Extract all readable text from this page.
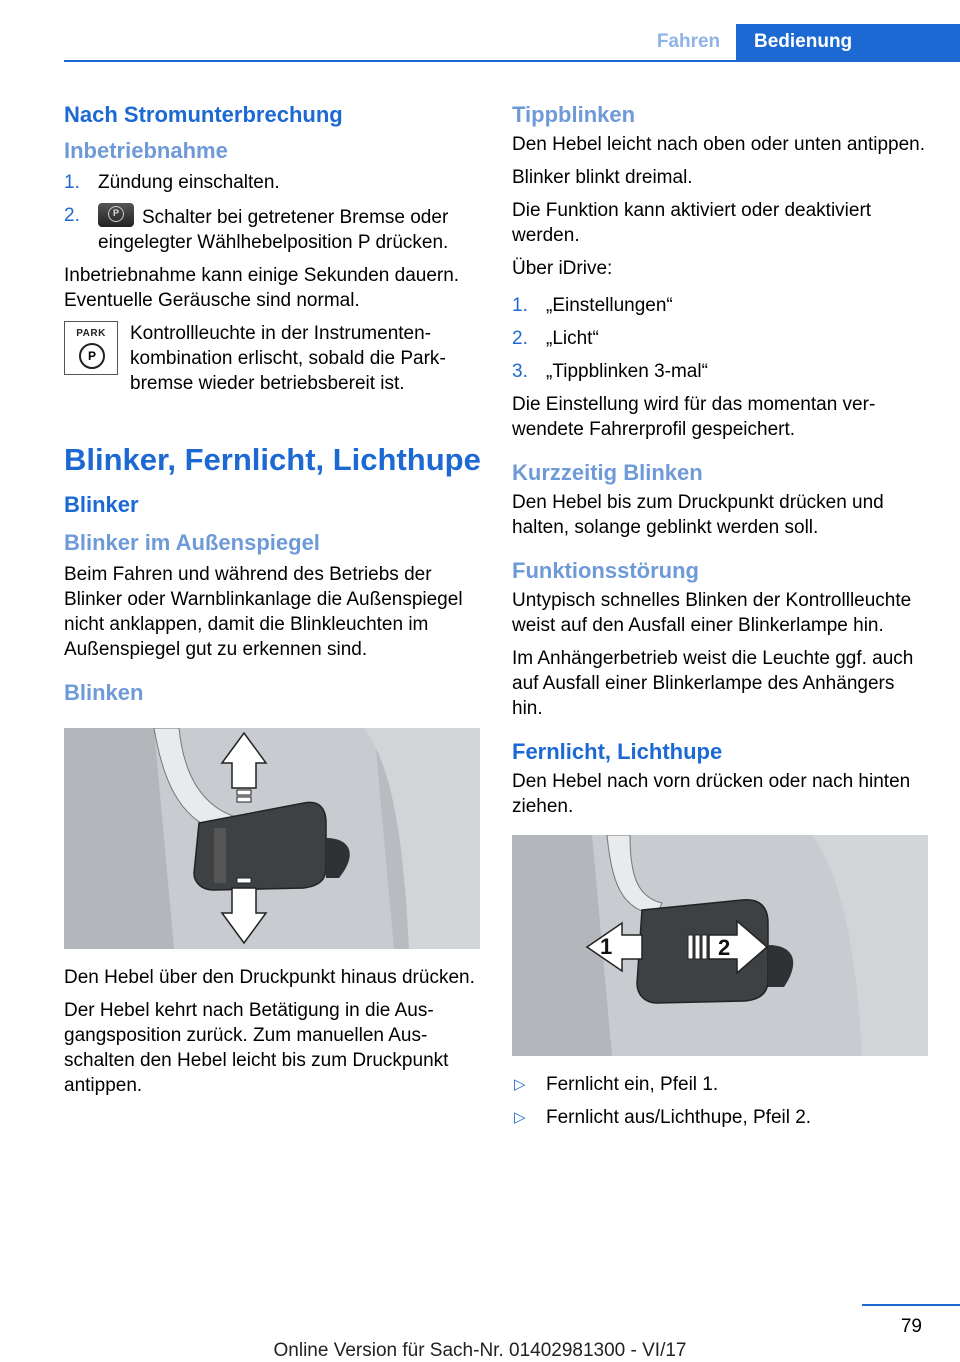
Fahren	Bedienung
Nach Stromunterbrechung
Inbetriebnahme
1. Zündung einschalten.
2.	P Schalter bei getretener Bremse oder eingelegter Wählhebelposition P drücken.

Inbetriebnahme kann einige Sekunden dauern. Eventuelle Geräusche sind normal.

PARK
P
Kontrollleuchte in der Instrumentenkombination erlischt, sobald die Parkbremse wieder betriebsbereit ist.
Blinker, Fernlicht, Lichthupe
Blinker
Blinker im Außenspiegel

Beim Fahren und während des Betriebs der Blinker oder Warnblinkanlage die Außenspiegel nicht anklappen, damit die Blinkleuchten im Außenspiegel gut zu erkennen sind.

Blinken

Den Hebel über den Druckpunkt hinaus drücken.

Der Hebel kehrt nach Betätigung in die Ausgangsposition zurück. Zum manuellen Ausschalten den Hebel leicht bis zum Druckpunkt antippen.

Tippblinken

Den Hebel leicht nach oben oder unten antippen.

Blinker blinkt dreimal.

Die Funktion kann aktiviert oder deaktiviert werden.

Über iDrive:

1. „Einstellungen“
2. „Licht“
3. „Tippblinken 3-mal“

Die Einstellung wird für das momentan verwendete Fahrerprofil gespeichert.

Kurzzeitig Blinken

Den Hebel bis zum Druckpunkt drücken und halten, solange geblinkt werden soll.

Funktionsstörung

Untypisch schnelles Blinken der Kontrollleuchte weist auf den Ausfall einer Blinkerlampe hin.

Im Anhängerbetrieb weist die Leuchte ggf. auch auf Ausfall einer Blinkerlampe des Anhängers hin.

Fernlicht, Lichthupe

Den Hebel nach vorn drücken oder nach hinten ziehen.

1	2
▷ Fernlicht ein, Pfeil 1.
▷ Fernlicht aus/Lichthupe, Pfeil 2.
79
Online Version für Sach-Nr. 01402981300 - VI/17
